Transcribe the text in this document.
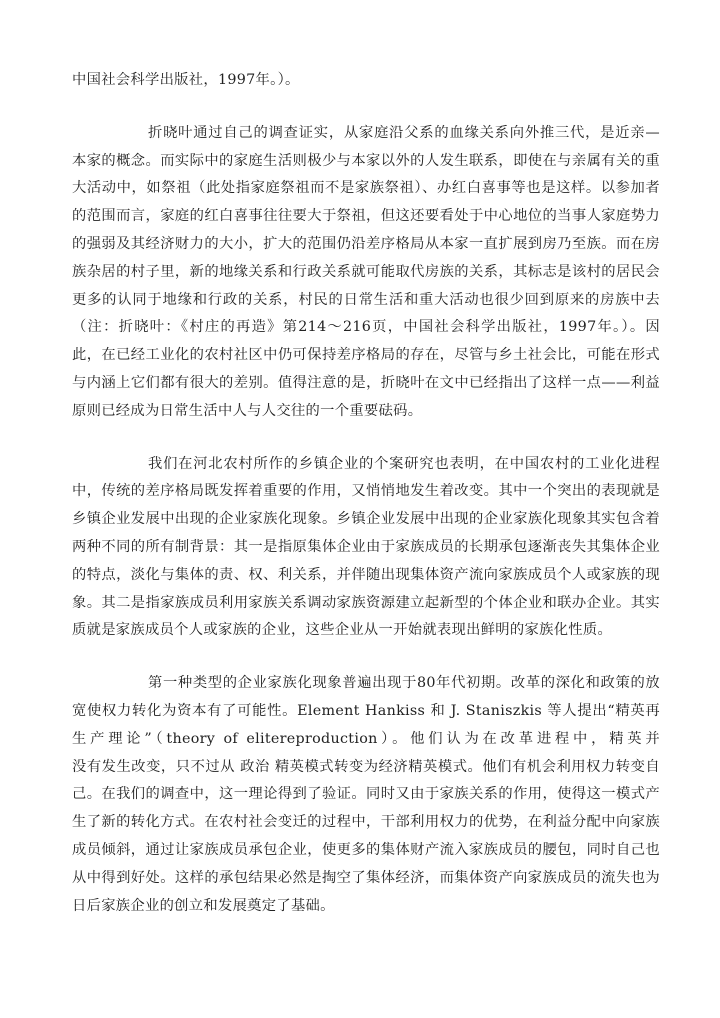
中国社会科学出版社，1997年。）。
折晓叶通过自己的调查证实，从家庭沿父系的血缘关系向外推三代，是近亲—
本家的概念。而实际中的家庭生活则极少与本家以外的人发生联系，即使在与亲属有关的重
大活动中，如祭祖（此处指家庭祭祖而不是家族祭祖）、办红白喜事等也是这样。以参加者
的范围而言，家庭的红白喜事往往要大于祭祖，但这还要看处于中心地位的当事人家庭势力
的强弱及其经济财力的大小，扩大的范围仍沿差序格局从本家一直扩展到房乃至族。而在房
族杂居的村子里，新的地缘关系和行政关系就可能取代房族的关系，其标志是该村的居民会
更多的认同于地缘和行政的关系，村民的日常生活和重大活动也很少回到原来的房族中去
（注：折晓叶：《村庄的再造》第214～216页，中国社会科学出版社，1997年。）。因
此，在已经工业化的农村社区中仍可保持差序格局的存在，尽管与乡土社会比，可能在形式
与内涵上它们都有很大的差别。值得注意的是，折晓叶在文中已经指出了这样一点——利益
原则已经成为日常生活中人与人交往的一个重要砝码。
我们在河北农村所作的乡镇企业的个案研究也表明，在中国农村的工业化进程
中，传统的差序格局既发挥着重要的作用，又悄悄地发生着改变。其中一个突出的表现就是
乡镇企业发展中出现的企业家族化现象。乡镇企业发展中出现的企业家族化现象其实包含着
两种不同的所有制背景：其一是指原集体企业由于家族成员的长期承包逐渐丧失其集体企业
的特点，淡化与集体的责、权、利关系，并伴随出现集体资产流向家族成员个人或家族的现
象。其二是指家族成员利用家族关系调动家族资源建立起新型的个体企业和联办企业。其实
质就是家族成员个人或家族的企业，这些企业从一开始就表现出鲜明的家族化性质。
第一种类型的企业家族化现象普遍出现于80年代初期。改革的深化和政策的放
宽使权力转化为资本有了可能性。Element Hankiss 和 J. Staniszkis 等人提出“精英再
生产理论”（theory of elitereproduction）。他们认为在改革进程中，精英并
没有发生改变，只不过从 政治 精英模式转变为经济精英模式。他们有机会利用权力转变自
己。在我们的调查中，这一理论得到了验证。同时又由于家族关系的作用，使得这一模式产
生了新的转化方式。在农村社会变迁的过程中，干部利用权力的优势，在利益分配中向家族
成员倾斜，通过让家族成员承包企业，使更多的集体财产流入家族成员的腰包，同时自己也
从中得到好处。这样的承包结果必然是掏空了集体经济，而集体资产向家族成员的流失也为
日后家族企业的创立和发展奠定了基础。
